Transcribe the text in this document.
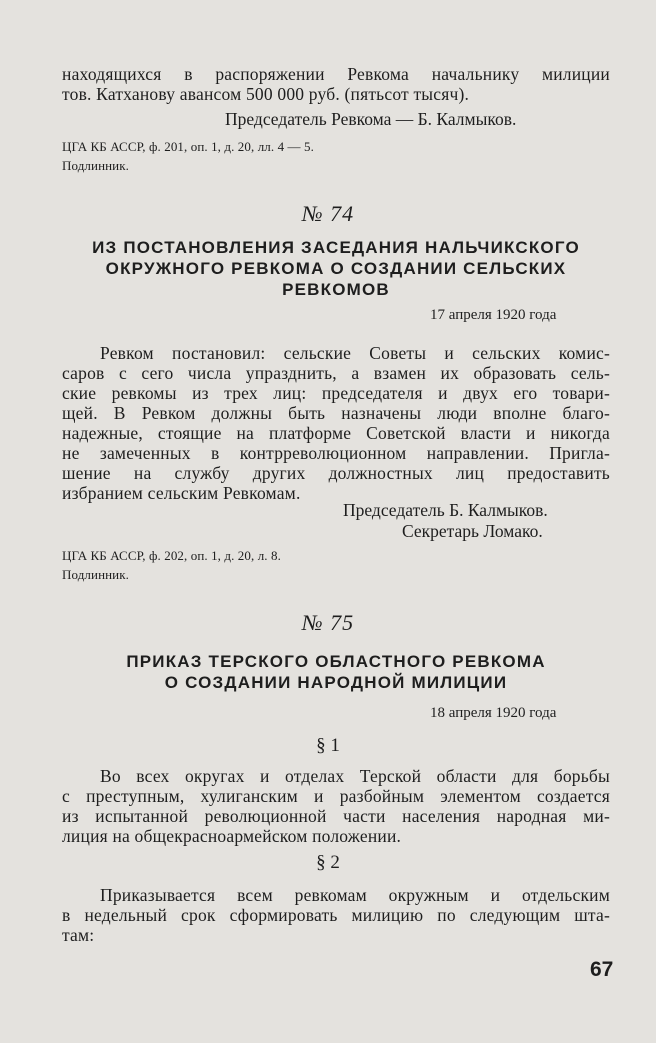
находящихся в распоряжении Ревкома начальнику милиции
тов. Катханову авансом 500 000 руб. (пятьсот тысяч).
Председатель Ревкома — Б. Калмыков.
ЦГА КБ АССР, ф. 201, оп. 1, д. 20, лл. 4 — 5.
Подлинник.
№ 74
ИЗ ПОСТАНОВЛЕНИЯ ЗАСЕДАНИЯ НАЛЬЧИКСКОГО
ОКРУЖНОГО РЕВКОМА О СОЗДАНИИ СЕЛЬСКИХ
РЕВКОМОВ
17 апреля 1920 года
Ревком постановил: сельские Советы и сельских комис-
саров с сего числа упразднить, а взамен их образовать сель-
ские ревкомы из трех лиц: председателя и двух его товари-
щей. В Ревком должны быть назначены люди вполне благо-
надежные, стоящие на платформе Советской власти и никогда
не замеченных в контрреволюционном направлении. Пригла-
шение на службу других должностных лиц предоставить
избранием сельским Ревкомам.
Председатель Б. Калмыков.
Секретарь Ломако.
ЦГА КБ АССР, ф. 202, оп. 1, д. 20, л. 8.
Подлинник.
№ 75
ПРИКАЗ ТЕРСКОГО ОБЛАСТНОГО РЕВКОМА
О СОЗДАНИИ НАРОДНОЙ МИЛИЦИИ
18 апреля 1920 года
§ 1
Во всех округах и отделах Терской области для борьбы
с преступным, хулиганским и разбойным элементом создается
из испытанной революционной части населения народная ми-
лиция на общекрасноармейском положении.
§ 2
Приказывается всем ревкомам окружным и отдельским
в недельный срок сформировать милицию по следующим шта-
там:
67
